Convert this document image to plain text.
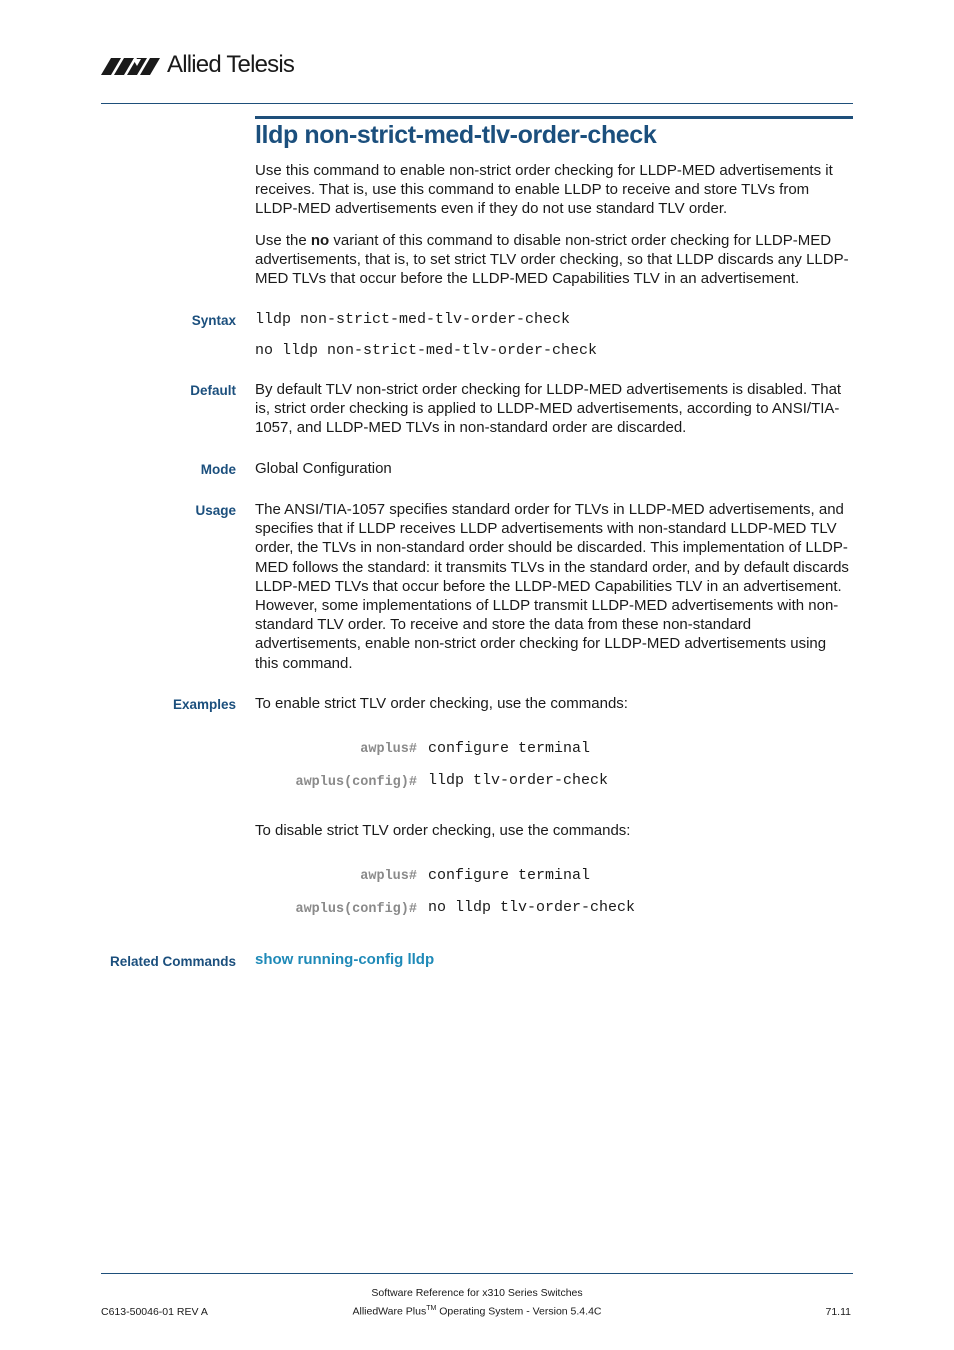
Allied Telesis
lldp non-strict-med-tlv-order-check

Use this command to enable non-strict order checking for LLDP-MED advertisements it receives. That is, use this command to enable LLDP to receive and store TLVs from LLDP-MED advertisements even if they do not use standard TLV order.

Use the no variant of this command to disable non-strict order checking for LLDP-MED advertisements, that is, to set strict TLV order checking, so that LLDP discards any LLDP-MED TLVs that occur before the LLDP-MED Capabilities TLV in an advertisement.

Syntax lldp non-strict-med-tlv-order-check
no lldp non-strict-med-tlv-order-check
Default By default TLV non-strict order checking for LLDP-MED advertisements is disabled. That is, strict order checking is applied to LLDP-MED advertisements, according to ANSI/TIA-1057, and LLDP-MED TLVs in non-standard order are discarded.

Mode Global Configuration

Usage The ANSI/TIA-1057 specifies standard order for TLVs in LLDP-MED advertisements, and specifies that if LLDP receives LLDP advertisements with non-standard LLDP-MED TLV order, the TLVs in non-standard order should be discarded. This implementation of LLDP-MED follows the standard: it transmits TLVs in the standard order, and by default discards LLDP-MED TLVs that occur before the LLDP-MED Capabilities TLV in an advertisement. However, some implementations of LLDP transmit LLDP-MED advertisements with non-standard TLV order. To receive and store the data from these non-standard advertisements, enable non-strict order checking for LLDP-MED advertisements using this command.

Examples To enable strict TLV order checking, use the commands:

awplus# configure terminal
awplus(config)# lldp tlv-order-check

To disable strict TLV order checking, use the commands:

awplus# configure terminal
awplus(config)# no lldp tlv-order-check
Related Commands show running-config lldp
C613-50046-01 REV A
Software Reference for x310 Series Switches
AlliedWare Plus™ Operating System - Version 5.4.4C	71.11
